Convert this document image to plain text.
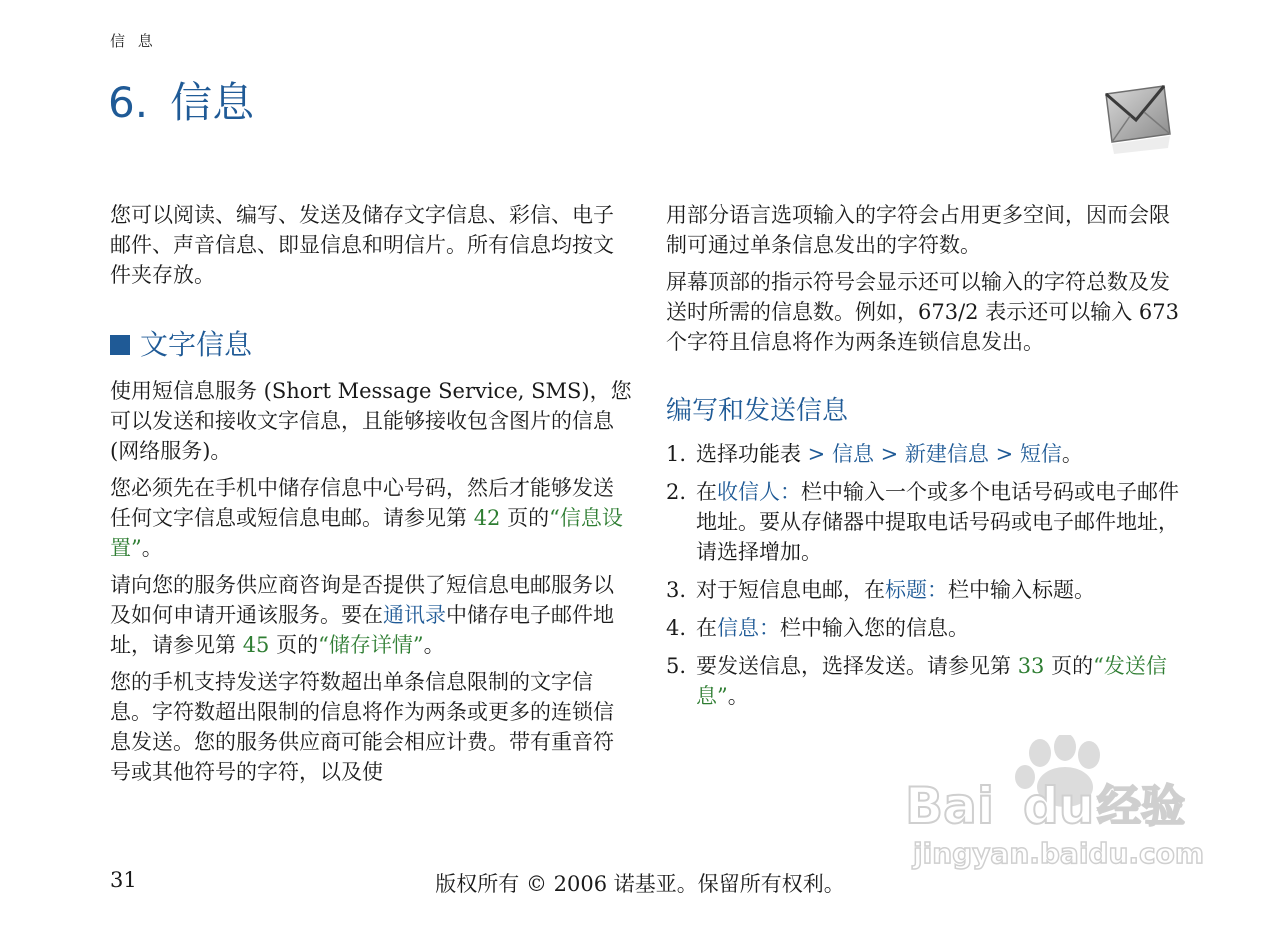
信 息
6. 信息

您可以阅读、编写、发送及储存文字信息、彩信、电子邮件、声音信息、即显信息和明信片。所有信息均按文件夹存放。

文字信息

使用短信息服务 (Short Message Service, SMS)，您可以发送和接收文字信息，且能够接收包含图片的信息 (网络服务)。

您必须先在手机中储存信息中心号码，然后才能够发送任何文字信息或短信息电邮。请参见第 42 页的“信息设置”。

请向您的服务供应商咨询是否提供了短信息电邮服务以及如何申请开通该服务。要在通讯录中储存电子邮件地址，请参见第 45 页的“储存详情”。

您的手机支持发送字符数超出单条信息限制的文字信息。字符数超出限制的信息将作为两条或更多的连锁信息发送。您的服务供应商可能会相应计费。带有重音符号或其他符号的字符，以及使

用部分语言选项输入的字符会占用更多空间，因而会限制可通过单条信息发出的字符数。

屏幕顶部的指示符号会显示还可以输入的字符总数及发送时所需的信息数。例如，673/2 表示还可以输入 673 个字符且信息将作为两条连锁信息发出。

编写和发送信息
1. 选择功能表 > 信息 > 新建信息 > 短信。
2. 在收信人：栏中输入一个或多个电话号码或电子邮件地址。要从存储器中提取电话号码或电子邮件地址，请选择增加。
3. 对于短信息电邮，在标题：栏中输入标题。
4. 在信息：栏中输入您的信息。
5. 要发送信息，选择发送。请参见第 33 页的“发送信息”。
Bai du 经验
jingyan.baidu.com
版权所有 © 2006 诺基亚。保留所有权利。
31
